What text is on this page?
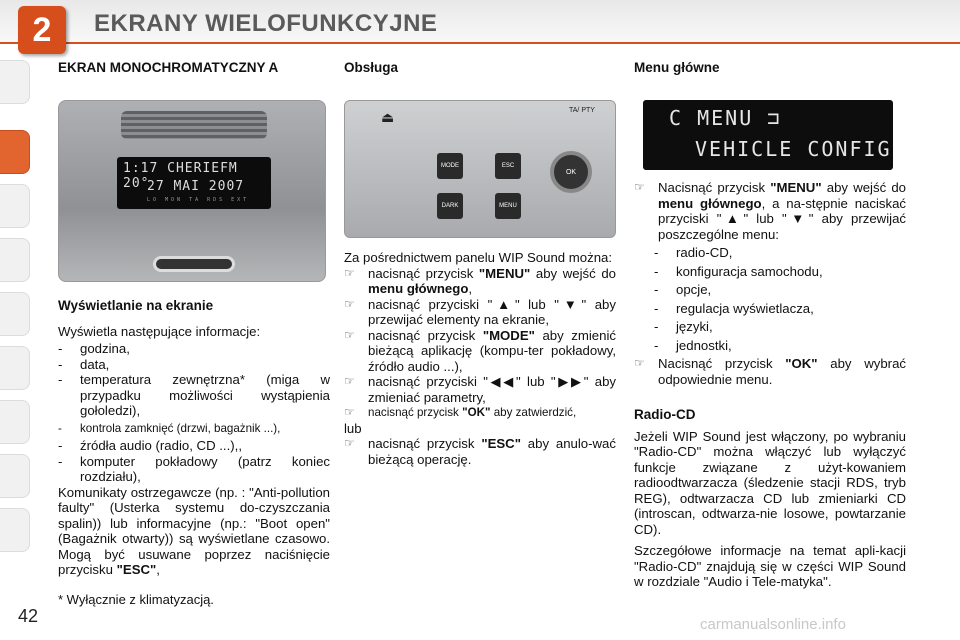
2	EKRANY WIELOFUNKCYJNE
EKRAN MONOCHROMATYCZNY A
1:17 CHERIEFM 20°
27 MAI 2007
LO MON TA RDS EXT
Wyświetlanie na ekranie

Wyświetla następujące informacje:

-	godzina,
-	data,
-	temperatura zewnętrzna* (miga w przypadku możliwości wystąpienia gołoledzi),
-	kontrola zamknięć (drzwi, bagażnik ...),
-	źródła audio (radio, CD ...),,
-	komputer pokładowy (patrz koniec rozdziału),

Komunikaty ostrzegawcze (np. : "Anti-pollution faulty" (Usterka systemu do-czyszczania spalin)) lub informacyjne (np.: "Boot open" (Bagażnik otwarty)) są wyświetlane czasowo. Mogą być usuwane poprzez naciśnięcie przycisku "ESC",

* Wyłącznie z klimatyzacją.
42
Obsługa
⏏	TA/ PTY
MODE
DARK
ESC
MENU
OK

Za pośrednictwem panelu WIP Sound można:

☞	nacisnąć przycisk "MENU" aby wejść do menu głównego,
☞	nacisnąć przyciski "▲" lub "▼" aby przewijać elementy na ekranie,
☞	nacisnąć przycisk "MODE" aby zmienić bieżącą aplikację (kompu-ter pokładowy, źródło audio ...),
☞	nacisnąć przyciski "◀◀" lub "▶▶" aby zmieniać parametry,
☞	nacisnąć przycisk "OK" aby zatwierdzić,
lub
☞	nacisnąć przycisk "ESC" aby anulo-wać bieżącą operację.
Menu główne
C MENU ⊐
VEHICLE CONFIG
☞	Nacisnąć przycisk "MENU" aby wejść do menu głównego, a na-stępnie naciskać przyciski "▲" lub "▼" aby przewijać poszczególne menu:
-	radio-CD,
-	konfiguracja samochodu,
-	opcje,
-	regulacja wyświetlacza,
-	języki,
-	jednostki,
☞	Nacisnąć przycisk "OK" aby wybrać odpowiednie menu.
Radio-CD

Jeżeli WIP Sound jest włączony, po wybraniu "Radio-CD" można włączyć lub wyłączyć funkcje związane z użyt-kowaniem radioodtwarzacza (śledzenie stacji RDS, tryb REG), odtwarzacza CD lub zmieniarki CD (introscan, odtwarza-nie losowe, powtarzanie CD).

Szczegółowe informacje na temat apli-kacji "Radio-CD" znajdują się w części WIP Sound w rozdziale "Audio i Tele-matyka".

carmanualsonline.info
